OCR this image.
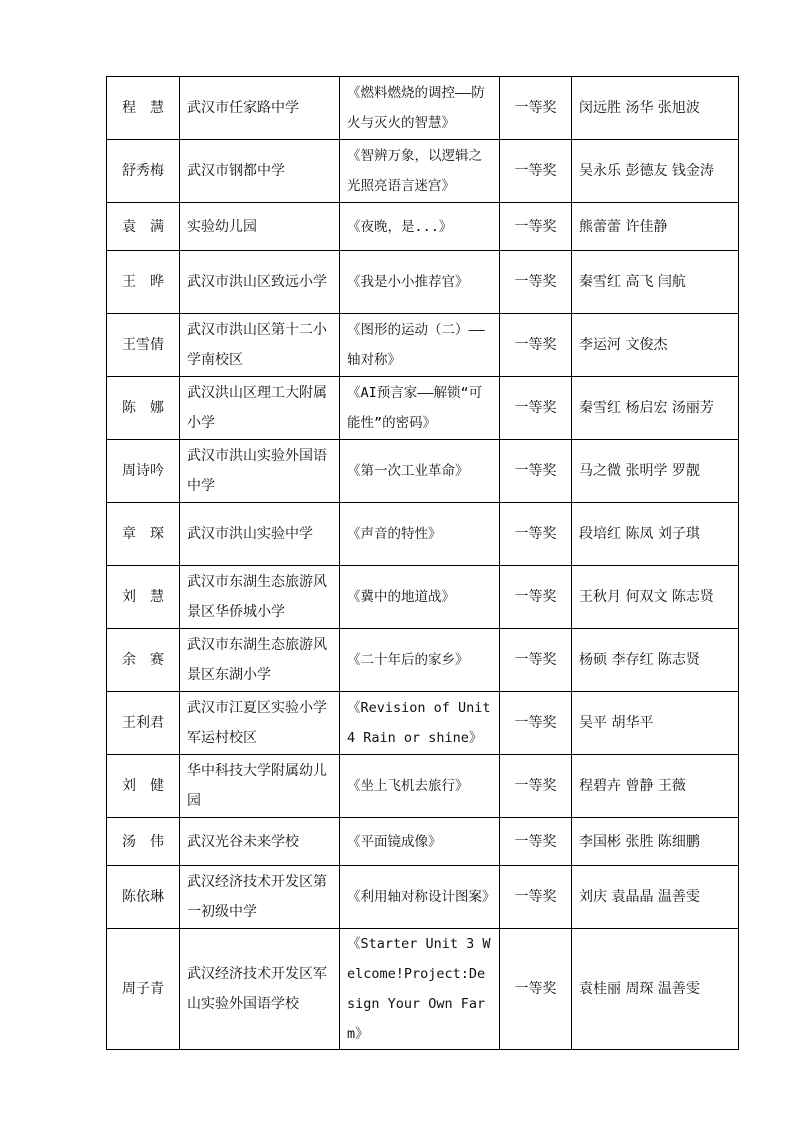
程　慧	武汉市任家路中学	《燃料燃烧的调控——防火与灭火的智慧》	一等奖	闵远胜 汤华 张旭波

舒秀梅	武汉市钢都中学	《智辨万象，以逻辑之光照亮语言迷宫》	一等奖	吴永乐 彭德友 钱金涛

袁　满	实验幼儿园	《夜晚，是...》	一等奖	熊蕾蕾 许佳静

王　晔	武汉市洪山区致远小学	《我是小小推荐官》	一等奖	秦雪红 高飞 闫航

王雪倩	武汉市洪山区第十二小学南校区	《图形的运动（二）——轴对称》	一等奖	李运河 文俊杰

陈　娜	武汉洪山区理工大附属小学	《AI预言家——解锁“可能性”的密码》	一等奖	秦雪红 杨启宏 汤丽芳

周诗吟	武汉市洪山实验外国语中学	《第一次工业革命》	一等奖	马之微 张明学 罗靓

章　琛	武汉市洪山实验中学	《声音的特性》	一等奖	段培红 陈凤 刘子琪

刘　慧	武汉市东湖生态旅游风景区华侨城小学	《冀中的地道战》	一等奖	王秋月 何双文 陈志贤

余　赛	武汉市东湖生态旅游风景区东湖小学	《二十年后的家乡》	一等奖	杨硕 李存红 陈志贤

王利君	武汉市江夏区实验小学军运村校区	《Revision of Unit4 Rain or shine》	一等奖	吴平 胡华平

刘　健	华中科技大学附属幼儿园	《坐上飞机去旅行》	一等奖	程碧卉 曾静 王薇

汤　伟	武汉光谷未来学校	《平面镜成像》	一等奖	李国彬 张胜 陈细鹏

陈依琳	武汉经济技术开发区第一初级中学	《利用轴对称设计图案》	一等奖	刘庆 袁晶晶 温善雯

周子青	武汉经济技术开发区军山实验外国语学校	《Starter Unit 3 Welcome!Project:Design Your Own Farm》	一等奖	袁桂丽 周琛 温善雯
